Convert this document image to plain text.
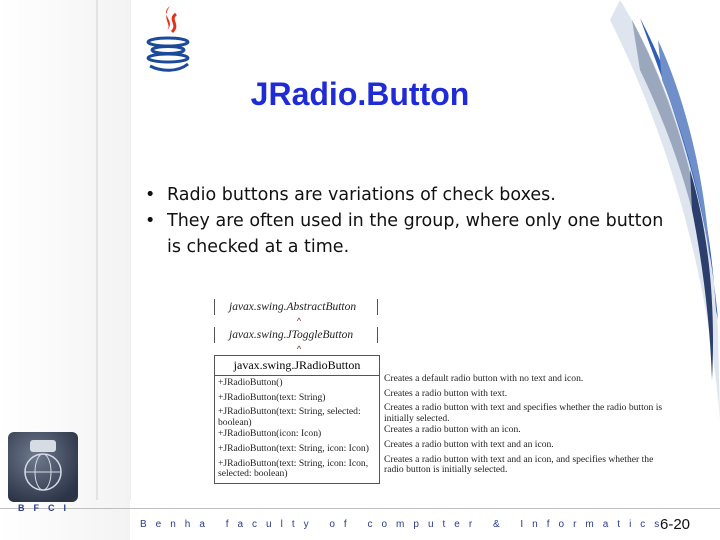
JRadio.Button
• Radio buttons are variations of check boxes.
• They are often used in the group, where only one button is checked at a time.
javax.swing.AbstractButton
^
javax.swing.JToggleButton
^
javax.swing.JRadioButton
+JRadioButton()
+JRadioButton(text: String)
+JRadioButton(text: String, selected: boolean)
+JRadioButton(icon: Icon)
+JRadioButton(text: String, icon: Icon)
+JRadioButton(text: String, icon: Icon, selected: boolean)
Creates a default radio button with no text and icon.
Creates a radio button with text.
Creates a radio button with text and specifies whether the radio button is initially selected.
Creates a radio button with an icon.
Creates a radio button with text and an icon.
Creates a radio button with text and an icon, and specifies whether the radio button is initially selected.
BFCI
Benha faculty of computer & Informatics
6-20
